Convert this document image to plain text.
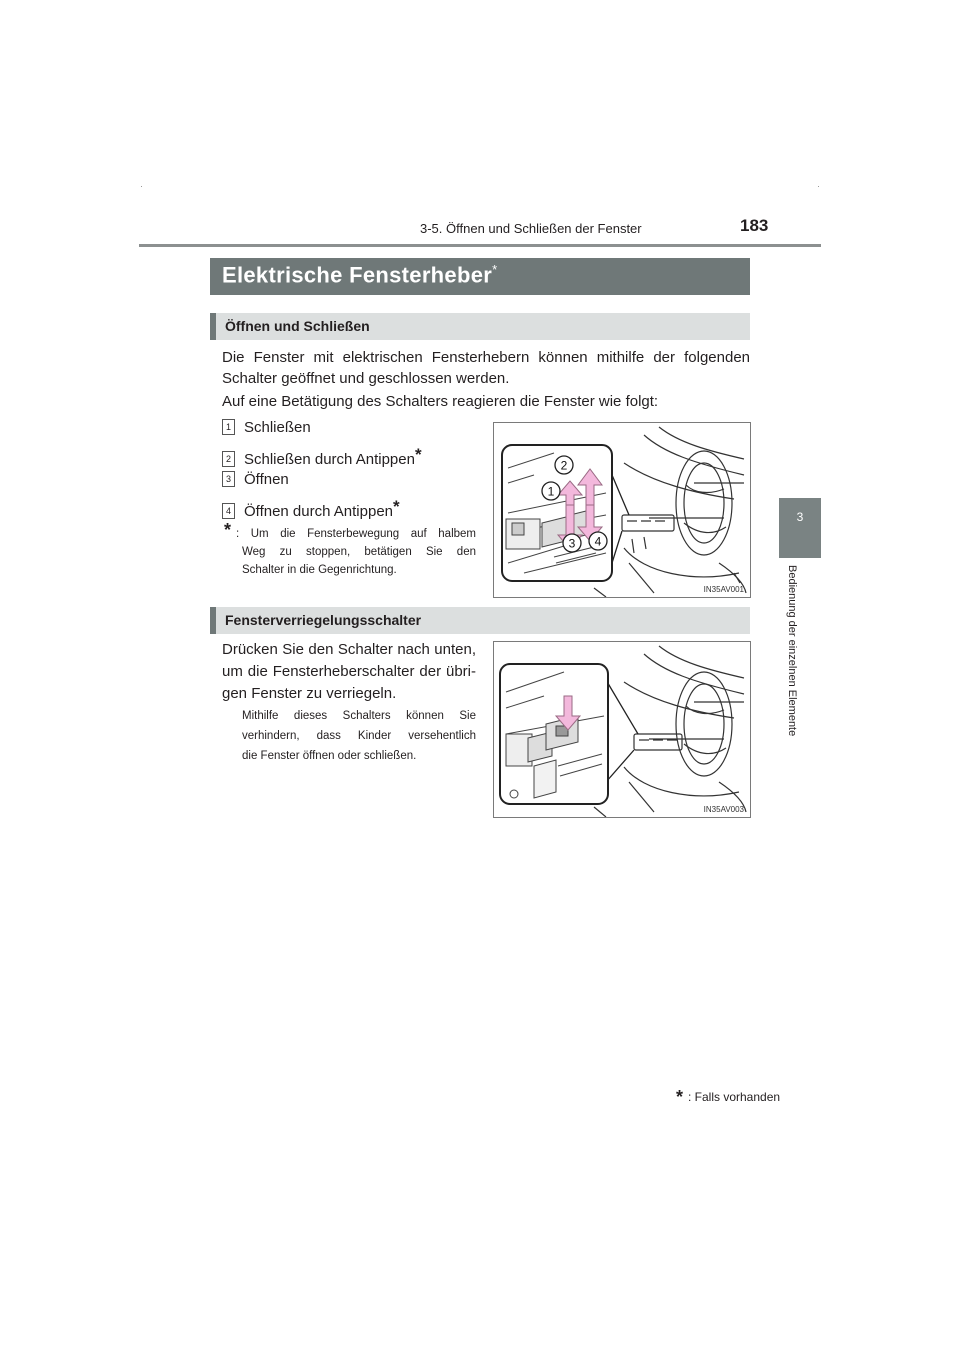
3-5. Öffnen und Schließen der Fenster	183
3
Bedienung der einzelnen Elemente
Elektrische Fensterheber*
Öffnen und Schließen
Die Fenster mit elektrischen Fensterhebern können mithilfe der folgenden
Schalter geöffnet und geschlossen werden.
Auf eine Betätigung des Schalters reagieren die Fenster wie folgt:
1 Schließen
2 Schließen durch Antippen*
3 Öffnen
4 Öffnen durch Antippen*
* : Um die Fensterbewegung auf halbem
Weg zu stoppen, betätigen Sie den
Schalter in die Gegenrichtung.
1
2
3 4
IN35AV001
Fensterverriegelungsschalter
Drücken Sie den Schalter nach unten,
um die Fensterheberschalter der übri-
gen Fenster zu verriegeln.
Mithilfe dieses Schalters können Sie
verhindern, dass Kinder versehentlich
die Fenster öffnen oder schließen.
IN35AV003
* : Falls vorhanden
